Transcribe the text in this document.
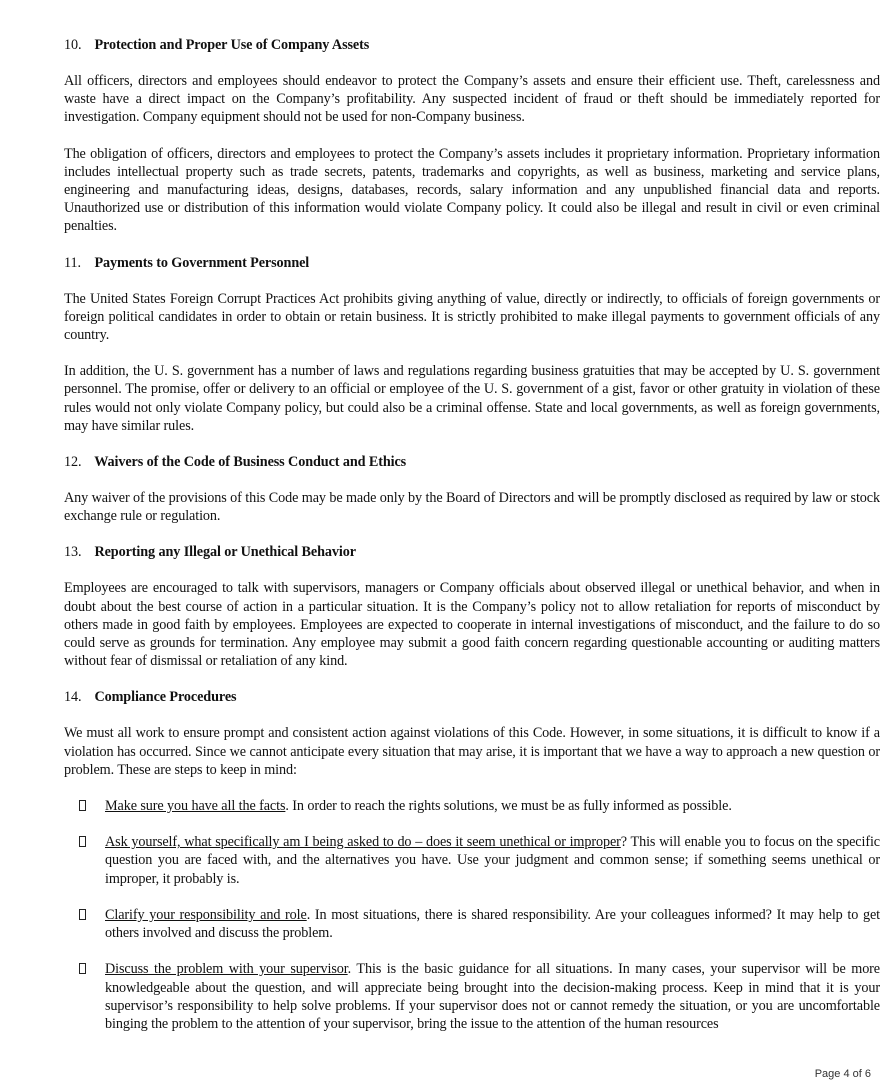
10. Protection and Proper Use of Company Assets

All officers, directors and employees should endeavor to protect the Company’s assets and ensure their efficient use. Theft, carelessness and waste have a direct impact on the Company’s profitability. Any suspected incident of fraud or theft should be immediately reported for investigation. Company equipment should not be used for non-Company business.

The obligation of officers, directors and employees to protect the Company’s assets includes it proprietary information. Proprietary information includes intellectual property such as trade secrets, patents, trademarks and copyrights, as well as business, marketing and service plans, engineering and manufacturing ideas, designs, databases, records, salary information and any unpublished financial data and reports. Unauthorized use or distribution of this information would violate Company policy. It could also be illegal and result in civil or even criminal penalties.

11. Payments to Government Personnel

The United States Foreign Corrupt Practices Act prohibits giving anything of value, directly or indirectly, to officials of foreign governments or foreign political candidates in order to obtain or retain business. It is strictly prohibited to make illegal payments to government officials of any country.

In addition, the U. S. government has a number of laws and regulations regarding business gratuities that may be accepted by U. S. government personnel. The promise, offer or delivery to an official or employee of the U. S. government of a gist, favor or other gratuity in violation of these rules would not only violate Company policy, but could also be a criminal offense. State and local governments, as well as foreign governments, may have similar rules.

12. Waivers of the Code of Business Conduct and Ethics

Any waiver of the provisions of this Code may be made only by the Board of Directors and will be promptly disclosed as required by law or stock exchange rule or regulation.

13. Reporting any Illegal or Unethical Behavior

Employees are encouraged to talk with supervisors, managers or Company officials about observed illegal or unethical behavior, and when in doubt about the best course of action in a particular situation. It is the Company’s policy not to allow retaliation for reports of misconduct by others made in good faith by employees. Employees are expected to cooperate in internal investigations of misconduct, and the failure to do so could serve as grounds for termination. Any employee may submit a good faith concern regarding questionable accounting or auditing matters without fear of dismissal or retaliation of any kind.

14. Compliance Procedures

We must all work to ensure prompt and consistent action against violations of this Code. However, in some situations, it is difficult to know if a violation has occurred. Since we cannot anticipate every situation that may arise, it is important that we have a way to approach a new question or problem. These are steps to keep in mind:

Make sure you have all the facts. In order to reach the rights solutions, we must be as fully informed as possible.
Ask yourself, what specifically am I being asked to do – does it seem unethical or improper? This will enable you to focus on the specific question you are faced with, and the alternatives you have. Use your judgment and common sense; if something seems unethical or improper, it probably is.
Clarify your responsibility and role. In most situations, there is shared responsibility. Are your colleagues informed? It may help to get others involved and discuss the problem.
Discuss the problem with your supervisor. This is the basic guidance for all situations. In many cases, your supervisor will be more knowledgeable about the question, and will appreciate being brought into the decision-making process. Keep in mind that it is your supervisor’s responsibility to help solve problems. If your supervisor does not or cannot remedy the situation, or you are uncomfortable binging the problem to the attention of your supervisor, bring the issue to the attention of the human resources
Page 4 of 6
